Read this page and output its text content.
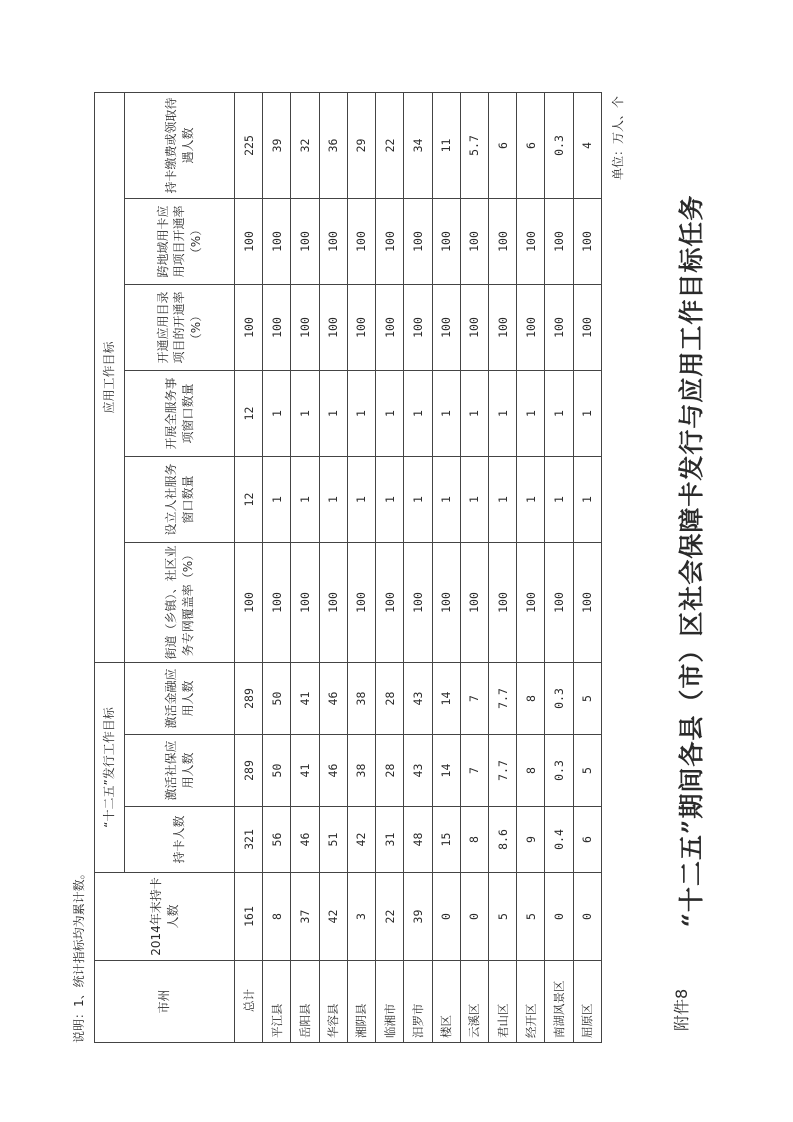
附件8
“十二五”期间各县（市）区社会保障卡发行与应用工作目标任务
单位：万人、个
市州	2014年末持卡人数	“十二五”发行工作目标			应用工作目标					
		持卡人数	激活社保应用人数	激活金融应用人数	街道（乡镇）、社区业务专网覆盖率（%）	设立人社服务窗口数量	开展全服务事项窗口数量	开通应用目录项目的开通率（%）	跨地域用卡应用项目开通率（%）	持卡缴费或领取待遇人数
总计	161	321	289	289	100	12	12	100	100	225
平江县	8	56	50	50	100	1	1	100	100	39
岳阳县	37	46	41	41	100	1	1	100	100	32
华容县	42	51	46	46	100	1	1	100	100	36
湘阴县	3	42	38	38	100	1	1	100	100	29
临湘市	22	31	28	28	100	1	1	100	100	22
汨罗市	39	48	43	43	100	1	1	100	100	34
楼区	0	15	14	14	100	1	1	100	100	11
云溪区	0	8	7	7	100	1	1	100	100	5.7
君山区	5	8.6	7.7	7.7	100	1	1	100	100	6
经开区	5	9	8	8	100	1	1	100	100	6
南湖风景区	0	0.4	0.3	0.3	100	1	1	100	100	0.3
屈原区	0	6	5	5	100	1	1	100	100	4
说明：1、统计指标均为累计数。
